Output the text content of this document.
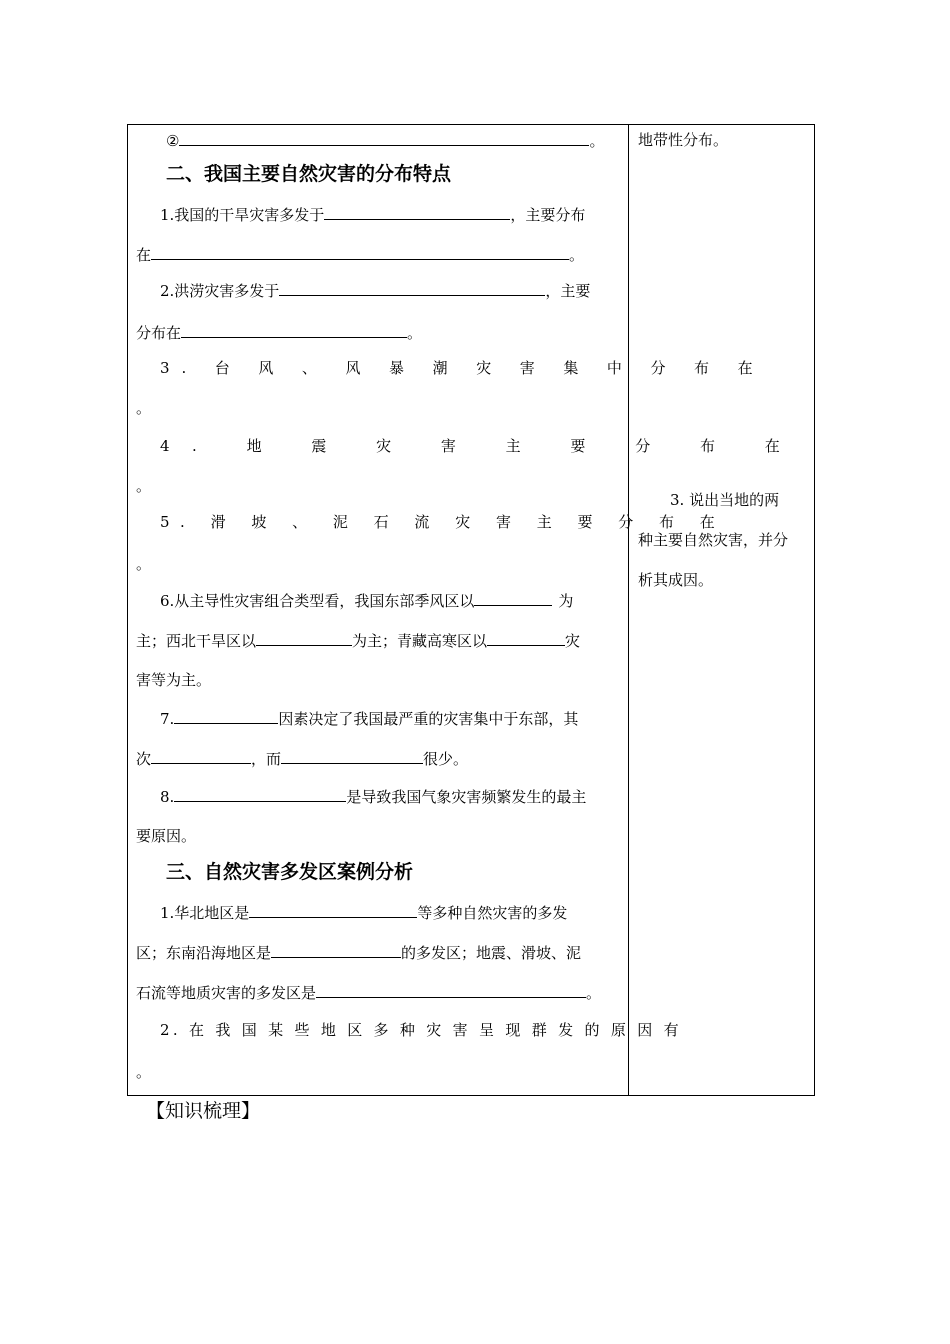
②	。
二、我国主要自然灾害的分布特点
1.我国的干旱灾害多发于	，主要分布
在	。
2.洪涝灾害多发于	，主要
分布在	。
3. 台 风 、 风 暴 潮 灾 害 集 中 分 布 在
。
4. 地 震 灾 害 主 要 分 布 在
。
5. 滑 坡 、 泥 石 流 灾 害 主 要 分 布 在
。
6.从主导性灾害组合类型看，我国东部季风区以	为
主；西北干旱区以	为主；青藏高寒区以	灾
害等为主。
7.	因素决定了我国最严重的灾害集中于东部，其
次	，而	很少。
8.	是导致我国气象灾害频繁发生的最主
要原因。
三、自然灾害多发区案例分析
1.华北地区是	等多种自然灾害的多发
区；东南沿海地区是	的多发区；地震、滑坡、泥
石流等地质灾害的多发区是	。
2. 在 我 国 某 些 地 区 多 种 灾 害 呈 现 群 发 的 原 因 有
。
地带性分布。
3. 说出当地的两
种主要自然灾害，并分
析其成因。
【知识梳理】
